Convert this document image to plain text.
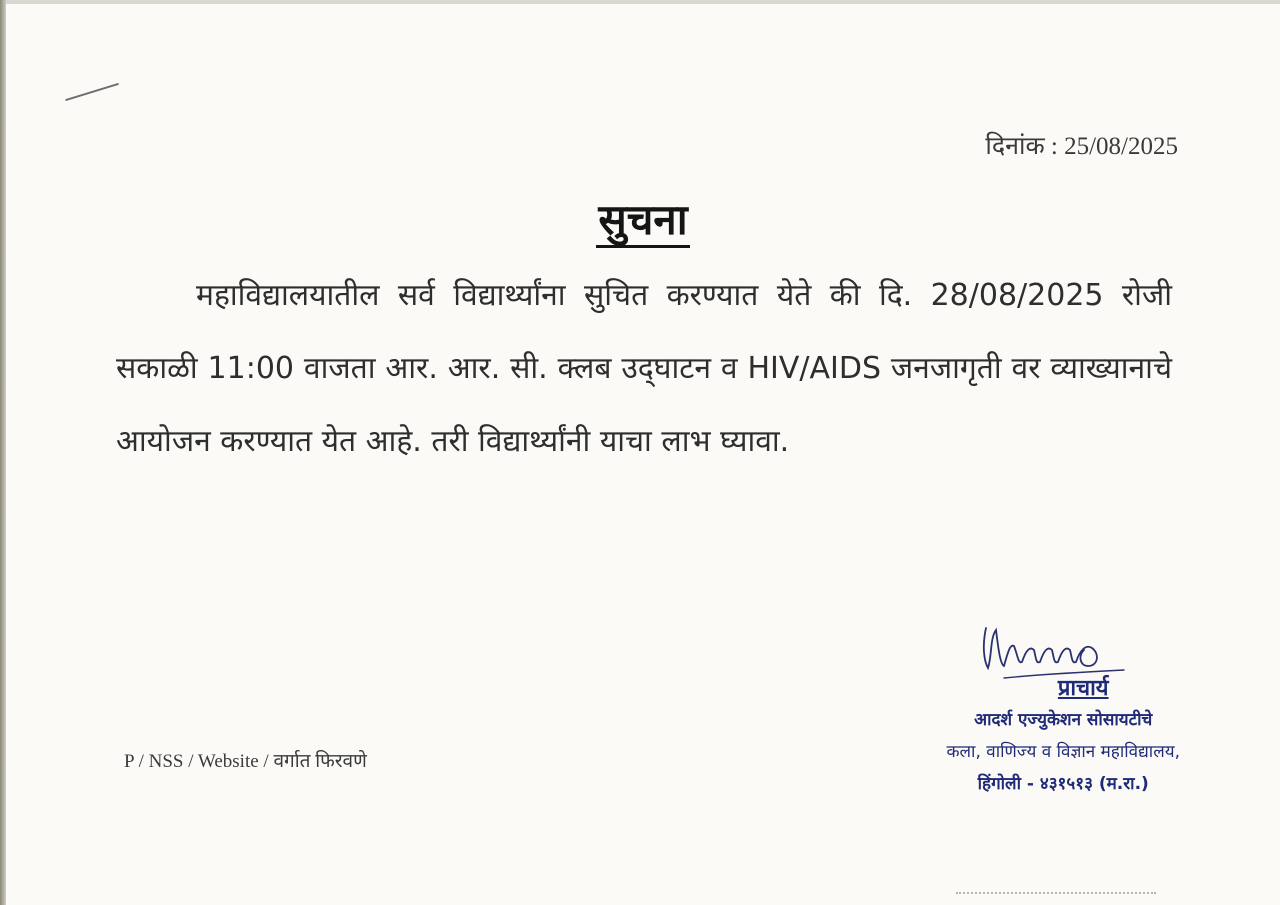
दिनांक : 25/08/2025
सुचना
महाविद्यालयातील सर्व विद्यार्थ्यांना सुचित करण्यात येते की दि. 28/08/2025 रोजी सकाळी 11:00 वाजता आर. आर. सी. क्लब उद्‌घाटन व HIV/AIDS जनजागृती वर व्याख्यानाचे आयोजन करण्यात येत आहे. तरी विद्यार्थ्यांनी याचा लाभ घ्यावा.
प्राचार्य
आदर्श एज्युकेशन सोसायटीचे
कला, वाणिज्य व विज्ञान महाविद्यालय,
हिंगोली - ४३१५१३ (म.रा.)
P / NSS / Website / वर्गात फिरवणे
